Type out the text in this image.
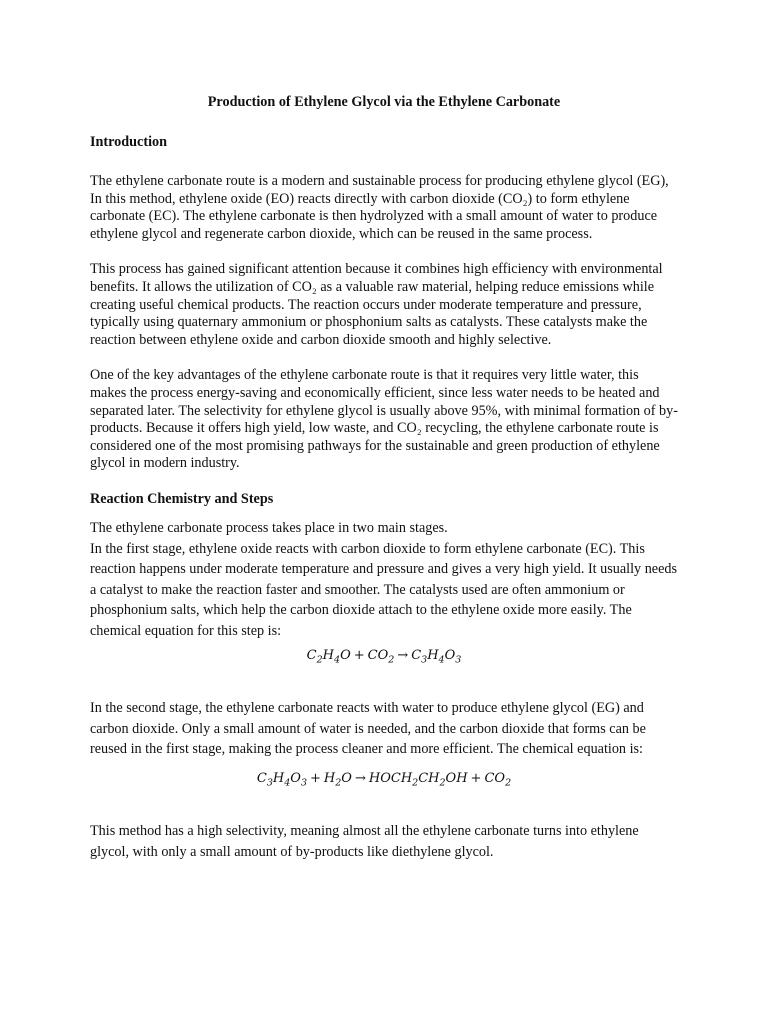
Production of Ethylene Glycol via the Ethylene Carbonate
Introduction

The ethylene carbonate route is a modern and sustainable process for producing ethylene glycol (EG), In this method, ethylene oxide (EO) reacts directly with carbon dioxide (CO₂) to form ethylene carbonate (EC). The ethylene carbonate is then hydrolyzed with a small amount of water to produce ethylene glycol and regenerate carbon dioxide, which can be reused in the same process.

This process has gained significant attention because it combines high efficiency with environmental benefits. It allows the utilization of CO₂ as a valuable raw material, helping reduce emissions while creating useful chemical products. The reaction occurs under moderate temperature and pressure, typically using quaternary ammonium or phosphonium salts as catalysts. These catalysts make the reaction between ethylene oxide and carbon dioxide smooth and highly selective.

One of the key advantages of the ethylene carbonate route is that it requires very little water, this makes the process energy-saving and economically efficient, since less water needs to be heated and separated later. The selectivity for ethylene glycol is usually above 95%, with minimal formation of by-products. Because it offers high yield, low waste, and CO₂ recycling, the ethylene carbonate route is considered one of the most promising pathways for the sustainable and green production of ethylene glycol in modern industry.

Reaction Chemistry and Steps

The ethylene carbonate process takes place in two main stages.

In the first stage, ethylene oxide reacts with carbon dioxide to form ethylene carbonate (EC). This reaction happens under moderate temperature and pressure and gives a very high yield. It usually needs a catalyst to make the reaction faster and smoother. The catalysts used are often ammonium or phosphonium salts, which help the carbon dioxide attach to the ethylene oxide more easily. The chemical equation for this step is:

$C_2H_4O + CO_2 \to C_3H_4O_3$

In the second stage, the ethylene carbonate reacts with water to produce ethylene glycol (EG) and carbon dioxide. Only a small amount of water is needed, and the carbon dioxide that forms can be reused in the first stage, making the process cleaner and more efficient. The chemical equation is:

$C_3H_4O_3 + H_2O$ → $HOCH_2CH_2OH + CO_2$

This method has a high selectivity, meaning almost all the ethylene carbonate turns into ethylene glycol, with only a small amount of by-products like diethylene glycol.
